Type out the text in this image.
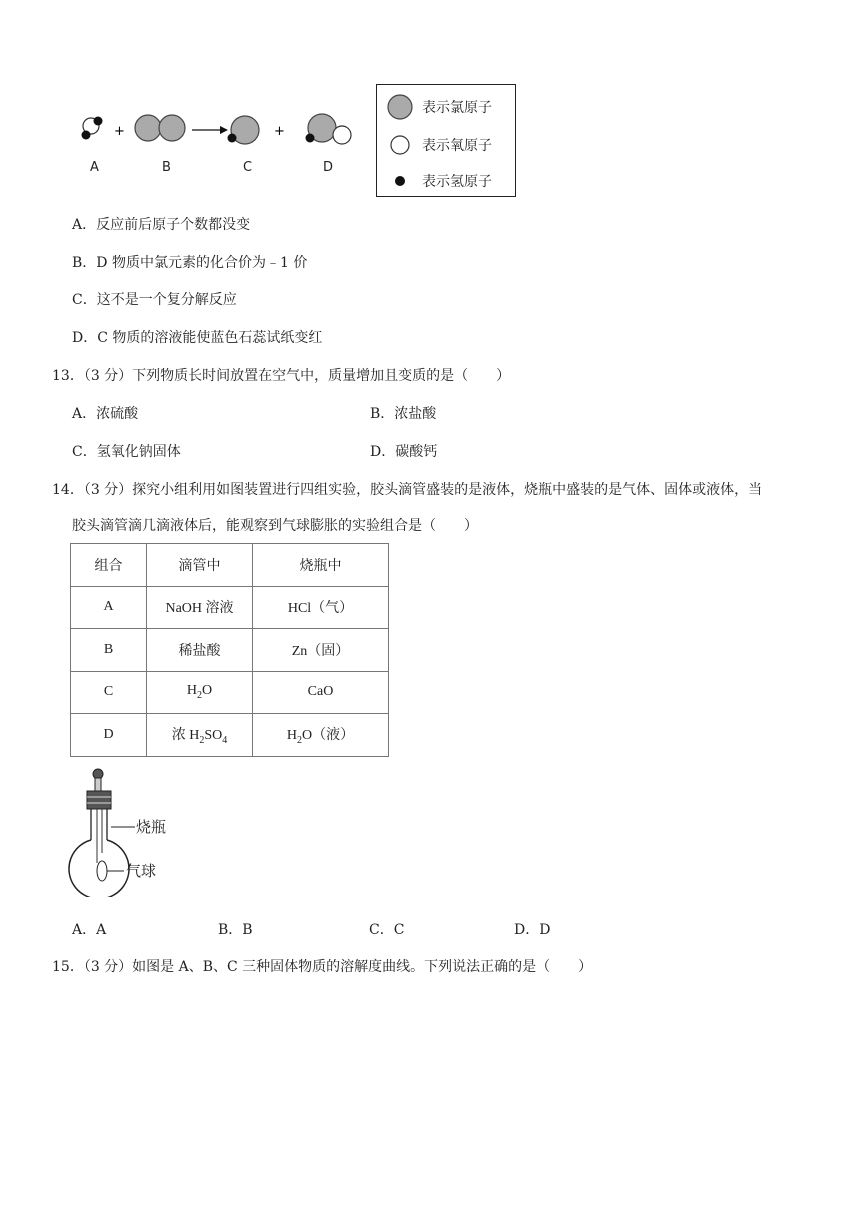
+	+
A	B	C	D
表示氯原子
表示氧原子
表示氢原子
A．反应前后原子个数都没变
B．D 物质中氯元素的化合价为﹣1 价
C．这不是一个复分解反应
D．C 物质的溶液能使蓝色石蕊试纸变红
13．（3 分）下列物质长时间放置在空气中，质量增加且变质的是（　　）
A．浓硫酸	B．浓盐酸
C．氢氧化钠固体	D．碳酸钙
14．（3 分）探究小组利用如图装置进行四组实验，胶头滴管盛装的是液体，烧瓶中盛装的是气体、固体或液体，当
胶头滴管滴几滴液体后，能观察到气球膨胀的实验组合是（　　）
组合	滴管中	烧瓶中
A	NaOH 溶液	HCl（气）
B	稀盐酸	Zn（固）
C	$H_2O$	CaO
D	浓 $H_2SO_4$	$H_2O$（液）
烧瓶
气球
A．A	B．B	C．C	D．D
15．（3 分）如图是 A、B、C 三种固体物质的溶解度曲线。下列说法正确的是（　　）
